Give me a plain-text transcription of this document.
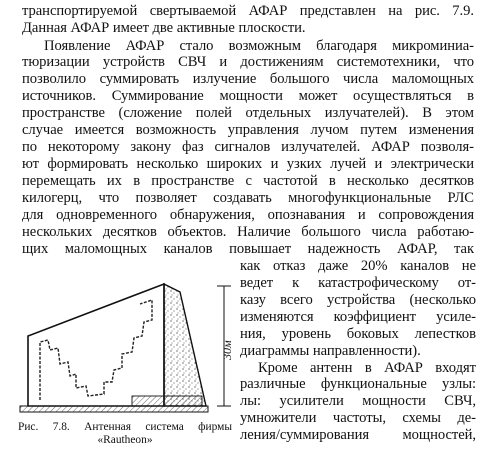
транспортируемой свертываемой АФАР представлен на рис. 7.9.
Данная АФАР имеет две активные плоскости.
Появление АФАР стало возможным благодаря микроминиа-
тюризации устройств СВЧ и достижениям системотехники, что
позволило суммировать излучение большого числа маломощных
источников. Суммирование мощности может осуществляться в
пространстве (сложение полей отдельных излучателей). В этом
случае имеется возможность управления лучом путем изменения
по некоторому закону фаз сигналов излучателей. АФАР позволя-
ют формировать несколько широких и узких лучей и электрически
перемещать их в пространстве с частотой в несколько десятков
килогерц, что позволяет создавать многофункциональные РЛС
для одновременного обнаружения, опознавания и сопровождения
нескольких десятков объектов. Наличие большого числа работаю-
щих маломощных каналов повышает надежность АФАР, так
как отказ даже 20% каналов не
ведет к катастрофическому от-
казу всего устройства (несколько
изменяются коэффициент усиле-
ния, уровень боковых лепестков
диаграммы направленности).
Кроме антенн в АФАР входят
различные функциональные узлы:
лы: усилители мощности СВЧ,
умножители частоты, схемы де-
ления/суммирования мощностей,
30м
Рис. 7.8. Антенная система фирмы
«Rautheon»
